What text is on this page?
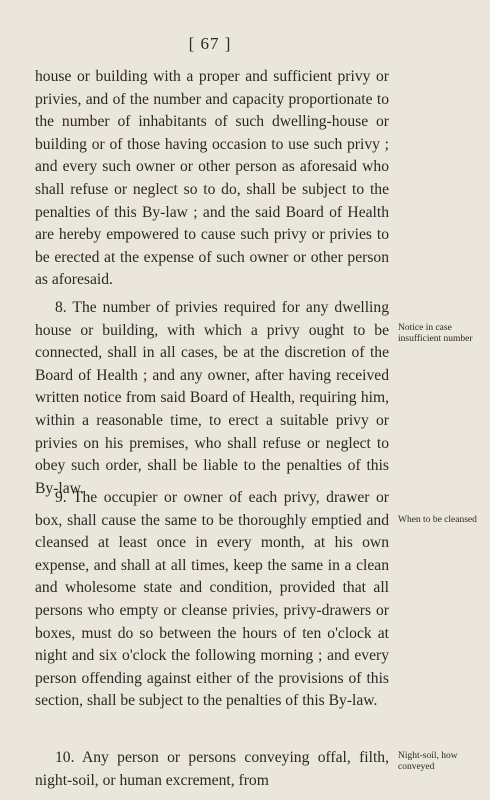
[ 67 ]

house or building with a proper and sufficient privy or privies, and of the number and capacity proportionate to the number of inhabitants of such dwelling-house or building or of those having occasion to use such privy ; and every such owner or other person as aforesaid who shall refuse or neglect so to do, shall be subject to the penalties of this By-law ; and the said Board of Health are hereby empowered to cause such privy or privies to be erected at the expense of such owner or other person as aforesaid.

8. The number of privies required for any dwelling house or building, with which a privy ought to be connected, shall in all cases, be at the discretion of the Board of Health ; and any owner, after having received written notice from said Board of Health, requiring him, within a reasonable time, to erect a suitable privy or privies on his premises, who shall refuse or neglect to obey such order, shall be liable to the penalties of this By-law.

9. The occupier or owner of each privy, drawer or box, shall cause the same to be thoroughly emptied and cleansed at least once in every month, at his own expense, and shall at all times, keep the same in a clean and wholesome state and condition, provided that all persons who empty or cleanse privies, privy-drawers or boxes, must do so between the hours of ten o'clock at night and six o'clock the following morning ; and every person offending against either of the provisions of this section, shall be subject to the penalties of this By-law.

10. Any person or persons conveying offal, filth, night-soil, or human excrement, from

Notice in case insufficient number
When to be cleansed
Night-soil, how conveyed
